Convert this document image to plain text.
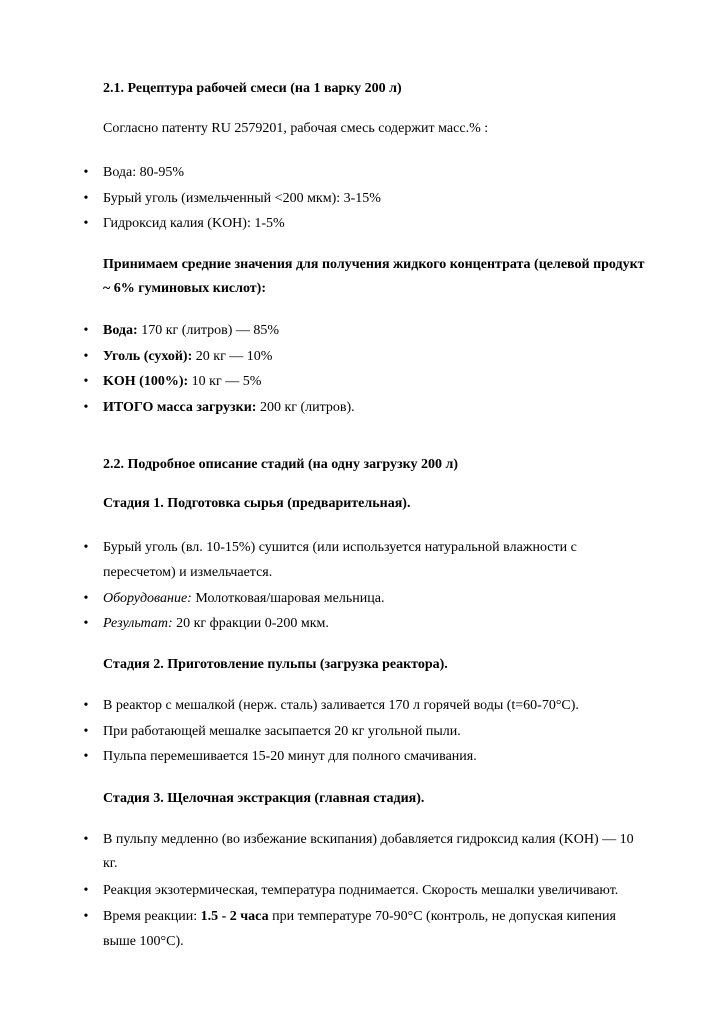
2.1. Рецептура рабочей смеси (на 1 варку 200 л)
Согласно патенту RU 2579201, рабочая смесь содержит масс.% :
• Вода: 80-95%
• Бурый уголь (измельченный <200 мкм): 3-15%
• Гидроксид калия (KOH): 1-5%
Принимаем средние значения для получения жидкого концентрата (целевой продукт
~ 6% гуминовых кислот):
• Вода: 170 кг (литров) — 85%
• Уголь (сухой): 20 кг — 10%
• KOH (100%): 10 кг — 5%
• ИТОГО масса загрузки: 200 кг (литров).
2.2. Подробное описание стадий (на одну загрузку 200 л)
Стадия 1. Подготовка сырья (предварительная).
• Бурый уголь (вл. 10-15%) сушится (или используется натуральной влажности с
пересчетом) и измельчается.
• Оборудование: Молотковая/шаровая мельница.
• Результат: 20 кг фракции 0-200 мкм.
Стадия 2. Приготовление пульпы (загрузка реактора).
• В реактор с мешалкой (нерж. сталь) заливается 170 л горячей воды (t=60-70°C).
• При работающей мешалке засыпается 20 кг угольной пыли.
• Пульпа перемешивается 15-20 минут для полного смачивания.
Стадия 3. Щелочная экстракция (главная стадия).
• В пульпу медленно (во избежание вскипания) добавляется гидроксид калия (KOH) — 10
кг.
• Реакция экзотермическая, температура поднимается. Скорость мешалки увеличивают.
• Время реакции: 1.5 - 2 часа при температуре 70-90°C (контроль, не допуская кипения
выше 100°C).
